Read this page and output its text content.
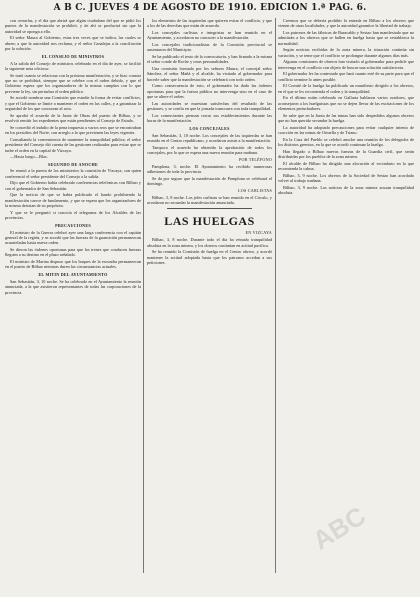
A B C. JUEVES 4 DE AGOSTO DE 1910. EDICION 1.ª PAG. 6.

con cerrarlas, y el día que abrirá que algún ciudadano del que se pidió los puntos de la manifestación se prohibió, y de ahí se producirá sin que la autoridad se oponga a ello.

El señor Maura al Gobierno, estas tres veces que se indica, las cuales se abren; a que la autoridad nos reclama, y el señor Canalejas a la conciliación por la solución.

EL CONSEJO DE MINISTROS

A la salida del Consejo de ministros celebrado en el día de ayer, se facilitó la siguiente nota oficiosa:

Se trató cuanto se relaciona con la próxima manifestación, y se hizo constar que no se prohibirá, siempre que se celebre con el orden debido, y que el Gobierno espera que los organizadores de la misma cumplan con lo que previene la ley, sin perturbar el orden público.

Se acordó nombrar una Comisión que estudie la forma de evitar conflictos, y que el Gobierno se limite a mantener el orden en las calles, y a garantizar la seguridad de los que concurran al acto.

Se aprobó el acuerdo de la Junta de Obras del puerto de Bilbao, y se resolvió remitir los expedientes que están pendientes al Consejo de Estado.

Se concedió el indulto de la pena impuesta a varios reos que se encontraban en los presidios del Norte, con arreglo a lo que previenen las leyes vigentes.

Consultando la conveniencia de mantener la tranquilidad pública, el señor presidente del Consejo dió cuenta de las gestiones realizadas para evitar que se turbe el orden en la capital de Vizcaya.

—Hasta luego—Blas.

SEGUNDO DE ANOCHE

Se reunió a la puerta de los ministerios la comisión de Vizcaya, con quien conferenció el señor presidente del Consejo a la salida.

Dijo que el Gobierno había celebrado conferencias telefónicas con Bilbao y con el gobernador de San Sebastián.

Que la noticia de que se había publicado el bando prohibiendo la manifestación carece de fundamento, y que se espera que los organizadores de la misma desistan de su propósito.

Y que se le preguntó si conocía el telegrama de los Alcaldes de las provincias.

PRECAUCIONES

El ministro de la Guerra celebró ayer una larga conferencia con el capitán general de la región, y se acordó que las fuerzas de la guarnición permanezcan acuarteladas hasta nueva orden.

Se dieron las órdenes oportunas para que los trenes que conducen fuerzas lleguen a su destino en el plazo señalado.

El ministro de Marina dispuso que los buques de la escuadra permanezcan en el puerto de Bilbao mientras duren las circunstancias actuales.

EL MITIN DEL AYUNTAMIENTO

San Sebastián, 3, 10 noche. Se ha celebrado en el Ayuntamiento la reunión anunciada, a la que asistieron representantes de todas las corporaciones de la provincia.

los elementos de las izquierdas que quieren evitar el conflicto, y que a los de las derechas que están de acuerdo.

Los concejales carlistas e integristas se han reunido en el Ayuntamiento, y acordaron no concurrir a la manifestación.

Los concejales tradicionalistas de la Comisión provincial se ausentaron del Municipio.

Se ha publicado el texto de la convocatoria, y han firmado a la misma el señor conde de Roche y otras personalidades.

Una comisión formada por los señores Maura, el concejal señor Sánchez, el señor Mañá y el alcalde, ha visitado al gobernador para hacerle saber que la manifestación se celebrará con todo orden.

Como consecuencia de esto, el gobernador ha dado las órdenes oportunas para que la fuerza pública no intervenga sino en el caso de que se altere el orden.

Las autoridades se muestran satisfechas del resultado de las gestiones, y se confía en que la jornada transcurra con toda tranquilidad.

Los comerciantes piensan cerrar sus establecimientos durante las horas de la manifestación.

LOS CONCEJALES

San Sebastián, 3, 10 noche. Los concejales de las izquierdas se han reunido en el Centro republicano, y acordaron asistir a la manifestación.

Tampoco el acuerdo ha obtenido la aprobación de todos los concejales, por lo que se espera una nueva reunión para mañana.

POR TELÉFONO

Pamplona, 3, noche. El Ayuntamiento ha recibido numerosas adhesiones de toda la provincia.

Se da por seguro que la manifestación de Pamplona se celebrará el domingo.

LOS CARLISTAS

Bilbao, 3, 8 noche. Los jefes carlistas se han reunido en el Círculo, y acordaron no secundar la manifestación anunciada.

LAS HUELGAS
EN VIZCAYA

Bilbao, 3, 8 noche. Durante todo el día ha reinado tranquilidad absoluta en la zona minera, y los obreros continúan en actitud pacífica.

Se ha reunido la Comisión de huelga en el Centro obrero, y acordó mantener la actitud adoptada hasta que los patronos accedan a sus peticiones.

Creemos que se debería prohibir la entrada en Bilbao a los obreros que vienen de otras localidades, y que la autoridad garantice la libertad de trabajo.

Los patronos de las fábricas de Baracaldo y Sestao han manifestado que no admitirán a los obreros que se hallen en huelga hasta que se restablezca la normalidad.

Según noticias recibidas de la zona minera, la situación continúa sin variación, y se teme que el conflicto se prolongue durante algunos días más.

Algunas comisiones de obreros han visitado al gobernador para pedirle que intervenga en el conflicto con objeto de buscar una solución satisfactoria.

El gobernador les ha contestado que hará cuanto esté de su parte para que el conflicto termine lo antes posible.

El Comité de la huelga ha publicado un manifiesto dirigido a los obreros, en el que se les recomienda el orden y la tranquilidad.

En el último mitin celebrado en Gallarta hablaron varios oradores, que aconsejaron a los huelguistas que no se dejen llevar de las excitaciones de los elementos perturbadores.

Se sabe que en la Junta de las minas han sido despedidos algunos obreros que no han querido secundar la huelga.

La autoridad ha adoptado precauciones para evitar cualquier intento de coacción en las minas de Ortuella y de Triano.

En la Casa del Pueblo se celebró anoche una reunión de los delegados de los distintos gremios, en la que se acordó continuar la huelga.

Han llegado a Bilbao nuevas fuerzas de la Guardia civil, que serán distribuidas por los pueblos de la zona minera.

El alcalde de Bilbao ha dirigido una alocución al vecindario en la que recomienda la calma.

Bilbao, 3, 9 noche. Los obreros de la Sociedad de Sestao han acordado volver al trabajo mañana.

Bilbao, 3, 9 noche. Las noticias de la zona minera acusan tranquilidad absoluta.

ABC
